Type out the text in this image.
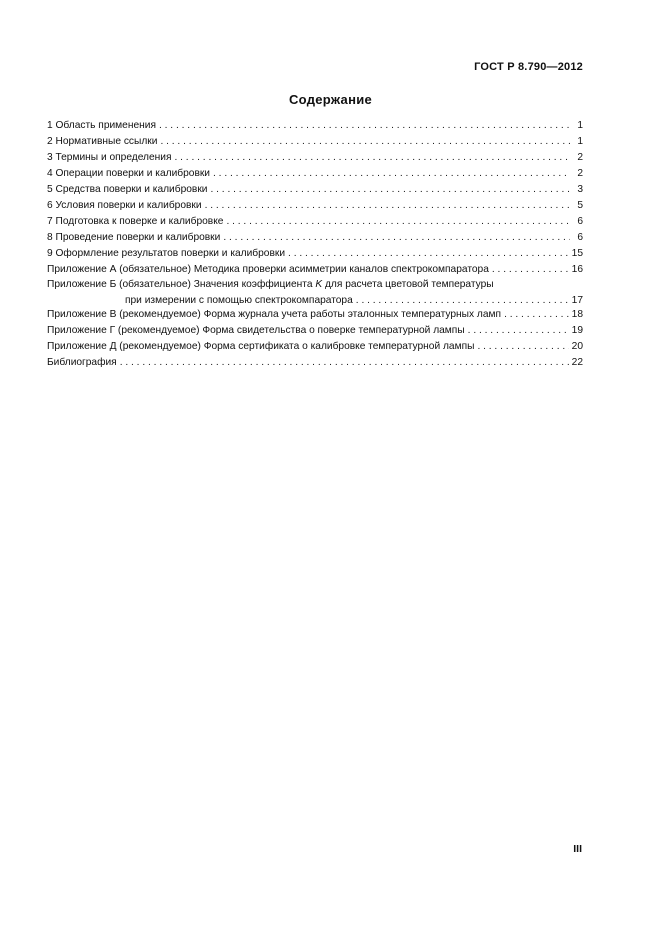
ГОСТ Р 8.790—2012
Содержание
1 Область применения . . .	1
2 Нормативные ссылки . . .	1
3 Термины и определения . . .	2
4 Операции поверки и калибровки . . .	2
5 Средства поверки и калибровки . . .	3
6 Условия поверки и калибровки . . .	5
7 Подготовка к поверке и калибровке . . .	6
8 Проведение поверки и калибровки . . .	6
9 Оформление результатов поверки и калибровки . . .	15
Приложение А (обязательное) Методика проверки асимметрии каналов спектрокомпаратора . . .	16
Приложение Б (обязательное) Значения коэффициента K для расчета цветовой температуры
при измерении с помощью спектрокомпаратора . . .	17
Приложение В (рекомендуемое) Форма журнала учета работы эталонных температурных ламп . . .	18
Приложение Г (рекомендуемое) Форма свидетельства о поверке температурной лампы . . .	19
Приложение Д (рекомендуемое) Форма сертификата о калибровке температурной лампы . . .	20
Библиография . . .	22
III
